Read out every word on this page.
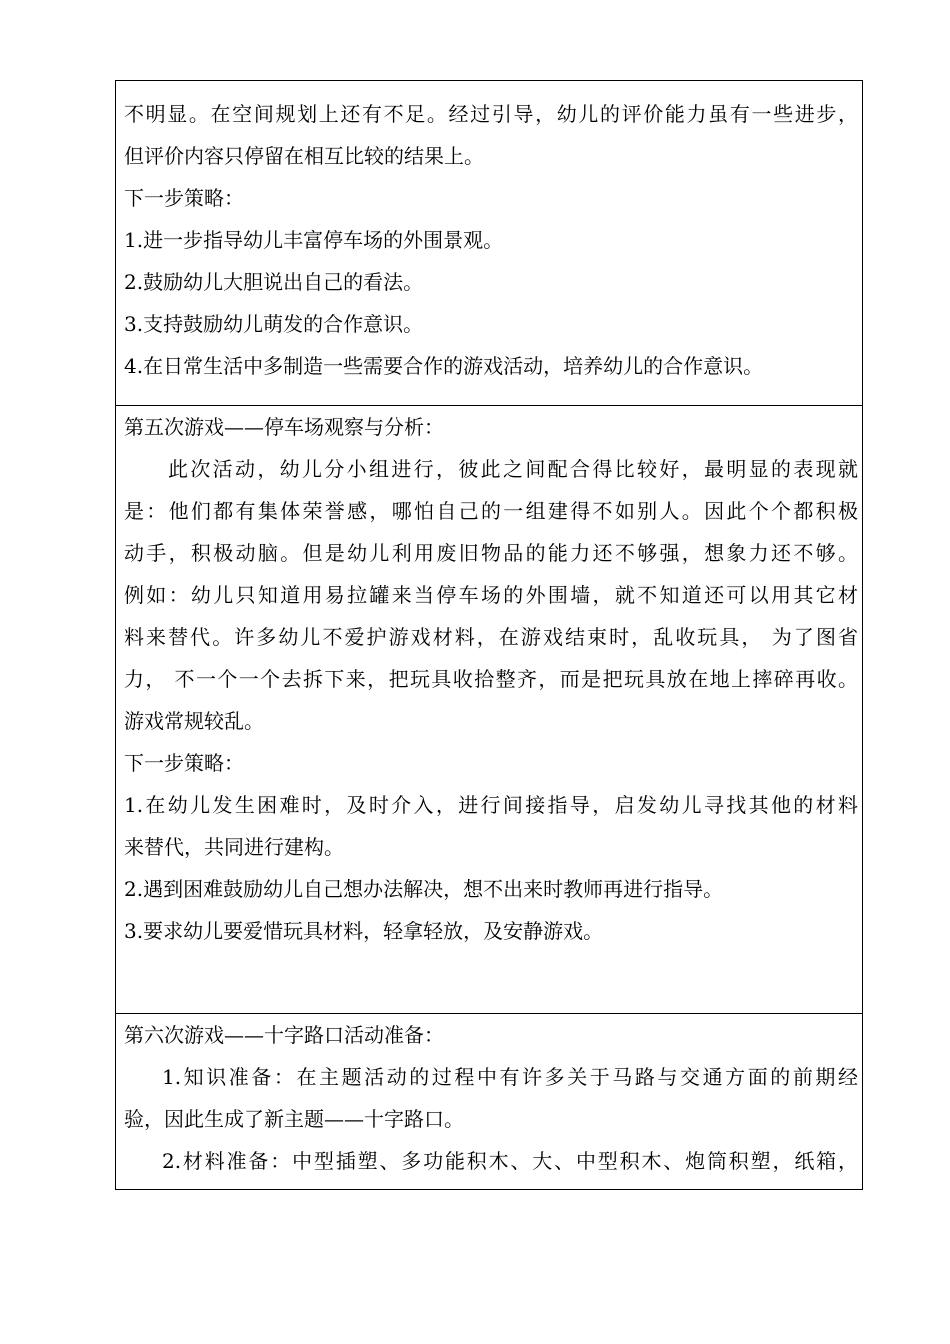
不明显。在空间规划上还有不足。经过引导，幼儿的评价能力虽有一些进步，
但评价内容只停留在相互比较的结果上。
下一步策略：
1.进一步指导幼儿丰富停车场的外围景观。
2.鼓励幼儿大胆说出自己的看法。
3.支持鼓励幼儿萌发的合作意识。
4.在日常生活中多制造一些需要合作的游戏活动，培养幼儿的合作意识。
第五次游戏——停车场观察与分析：
此次活动，幼儿分小组进行，彼此之间配合得比较好，最明显的表现就
是：他们都有集体荣誉感，哪怕自己的一组建得不如别人。因此个个都积极
动手，积极动脑。但是幼儿利用废旧物品的能力还不够强，想象力还不够。
例如：幼儿只知道用易拉罐来当停车场的外围墙，就不知道还可以用其它材
料来替代。许多幼儿不爱护游戏材料，在游戏结束时，乱收玩具， 为了图省
力， 不一个一个去拆下来，把玩具收拾整齐，而是把玩具放在地上摔碎再收。
游戏常规较乱。
下一步策略：
1.在幼儿发生困难时，及时介入，进行间接指导，启发幼儿寻找其他的材料
来替代，共同进行建构。
2.遇到困难鼓励幼儿自己想办法解决，想不出来时教师再进行指导。
3.要求幼儿要爱惜玩具材料，轻拿轻放，及安静游戏。
第六次游戏——十字路口活动准备：
1.知识准备：在主题活动的过程中有许多关于马路与交通方面的前期经
验，因此生成了新主题——十字路口。
2.材料准备：中型插塑、多功能积木、大、中型积木、炮筒积塑，纸箱，
